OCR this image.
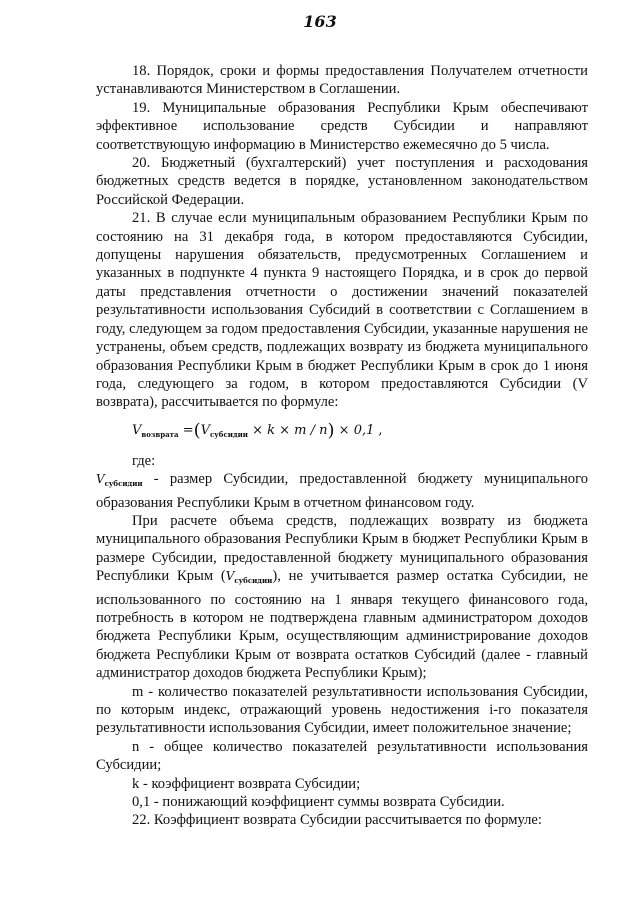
163

18. Порядок, сроки и формы предоставления Получателем отчетности устанавливаются Министерством в Соглашении.

19. Муниципальные образования Республики Крым обеспечивают эффективное использование средств Субсидии и направляют соответствующую информацию в Министерство ежемесячно до 5 числа.

20. Бюджетный (бухгалтерский) учет поступления и расходования бюджетных средств ведется в порядке, установленном законодательством Российской Федерации.

21. В случае если муниципальным образованием Республики Крым по состоянию на 31 декабря года, в котором предоставляются Субсидии, допущены нарушения обязательств, предусмотренных Соглашением и указанных в подпункте 4 пункта 9 настоящего Порядка, и в срок до первой даты представления отчетности о достижении значений показателей результативности использования Субсидий в соответствии с Соглашением в году, следующем за годом предоставления Субсидии, указанные нарушения не устранены, объем средств, подлежащих возврату из бюджета муниципального образования Республики Крым в бюджет Республики Крым в срок до 1 июня года, следующего за годом, в котором предоставляются Субсидии (V возврата), рассчитывается по формуле:

$V_{возврата} =(V_{субсидии} \times k \times m / n) \times 0,1$ ,

где:

$V_{субсидии}$ - размер Субсидии, предоставленной бюджету муниципального образования Республики Крым в отчетном финансовом году.

При расчете объема средств, подлежащих возврату из бюджета муниципального образования Республики Крым в бюджет Республики Крым в размере Субсидии, предоставленной бюджету муниципального образования Республики Крым $(V_{субсидии})$, не учитывается размер остатка Субсидии, не использованного по состоянию на 1 января текущего финансового года, потребность в котором не подтверждена главным администратором доходов бюджета Республики Крым, осуществляющим администрирование доходов бюджета Республики Крым от возврата остатков Субсидий (далее - главный администратор доходов бюджета Республики Крым);

m - количество показателей результативности использования Субсидии, по которым индекс, отражающий уровень недостижения i-го показателя результативности использования Субсидии, имеет положительное значение;

n - общее количество показателей результативности использования Субсидии;

k - коэффициент возврата Субсидии;

0,1 - понижающий коэффициент суммы возврата Субсидии.

22. Коэффициент возврата Субсидии рассчитывается по формуле:
